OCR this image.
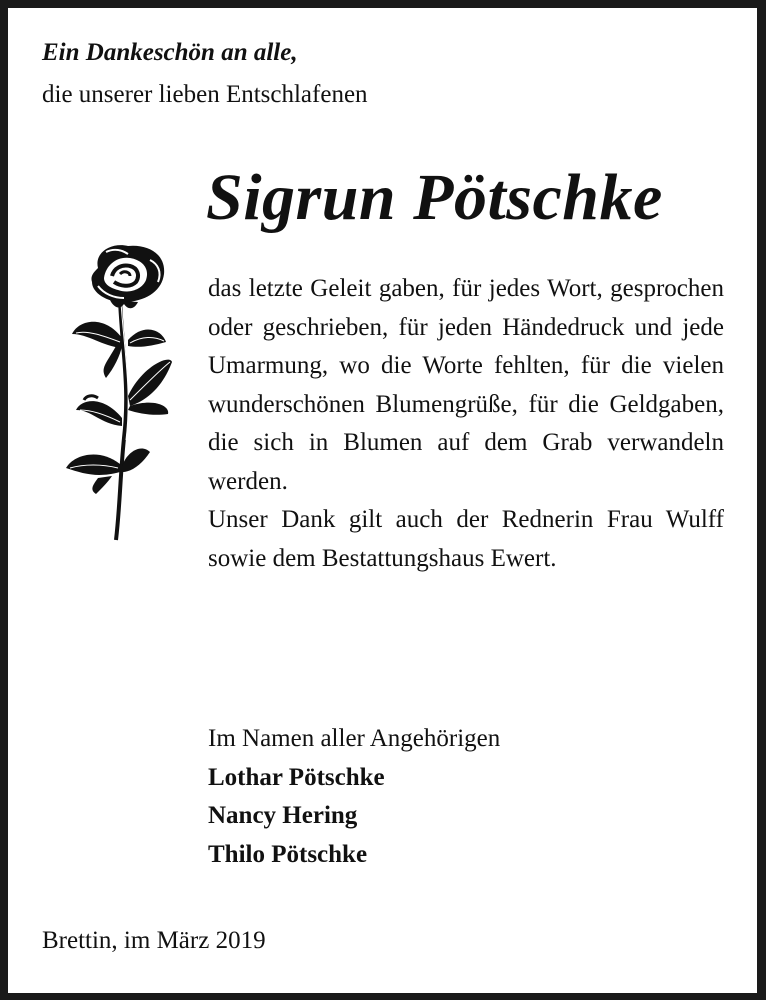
Ein Dankeschön an alle,
die unserer lieben Entschlafenen
Sigrun Pötschke

das letzte Geleit gaben, für jedes Wort, gesprochen oder geschrieben, für jeden Händedruck und jede Umarmung, wo die Worte fehlten, für die vielen wunderschönen Blumengrüße, für die Geldgaben, die sich in Blumen auf dem Grab verwandeln werden.

Unser Dank gilt auch der Rednerin Frau Wulff sowie dem Bestattungshaus Ewert.

Im Namen aller Angehörigen
Lothar Pötschke
Nancy Hering
Thilo Pötschke
Brettin, im März 2019
